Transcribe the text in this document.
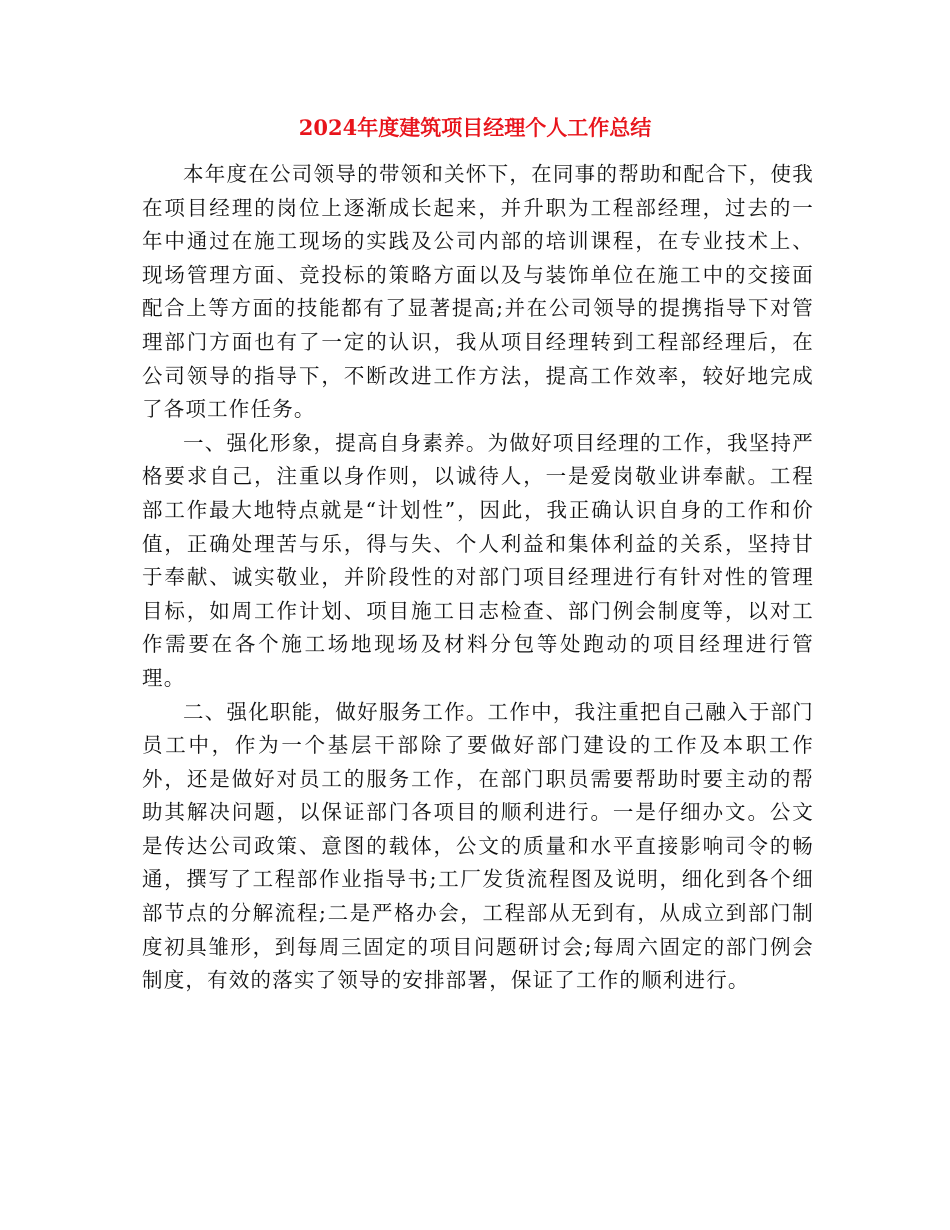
2024年度建筑项目经理个人工作总结

本年度在公司领导的带领和关怀下，在同事的帮助和配合下，使我在项目经理的岗位上逐渐成长起来，并升职为工程部经理，过去的一年中通过在施工现场的实践及公司内部的培训课程，在专业技术上、现场管理方面、竞投标的策略方面以及与装饰单位在施工中的交接面配合上等方面的技能都有了显著提高;并在公司领导的提携指导下对管理部门方面也有了一定的认识，我从项目经理转到工程部经理后，在公司领导的指导下，不断改进工作方法，提高工作效率，较好地完成了各项工作任务。

一、强化形象，提高自身素养。为做好项目经理的工作，我坚持严格要求自己，注重以身作则，以诚待人，一是爱岗敬业讲奉献。工程部工作最大地特点就是“计划性”，因此，我正确认识自身的工作和价值，正确处理苦与乐，得与失、个人利益和集体利益的关系，坚持甘于奉献、诚实敬业，并阶段性的对部门项目经理进行有针对性的管理目标，如周工作计划、项目施工日志检查、部门例会制度等，以对工作需要在各个施工场地现场及材料分包等处跑动的项目经理进行管理。

二、强化职能，做好服务工作。工作中，我注重把自己融入于部门员工中，作为一个基层干部除了要做好部门建设的工作及本职工作外，还是做好对员工的服务工作，在部门职员需要帮助时要主动的帮助其解决问题，以保证部门各项目的顺利进行。一是仔细办文。公文是传达公司政策、意图的载体，公文的质量和水平直接影响司令的畅通，撰写了工程部作业指导书;工厂发货流程图及说明，细化到各个细部节点的分解流程;二是严格办会，工程部从无到有，从成立到部门制度初具雏形，到每周三固定的项目问题研讨会;每周六固定的部门例会制度，有效的落实了领导的安排部署，保证了工作的顺利进行。
